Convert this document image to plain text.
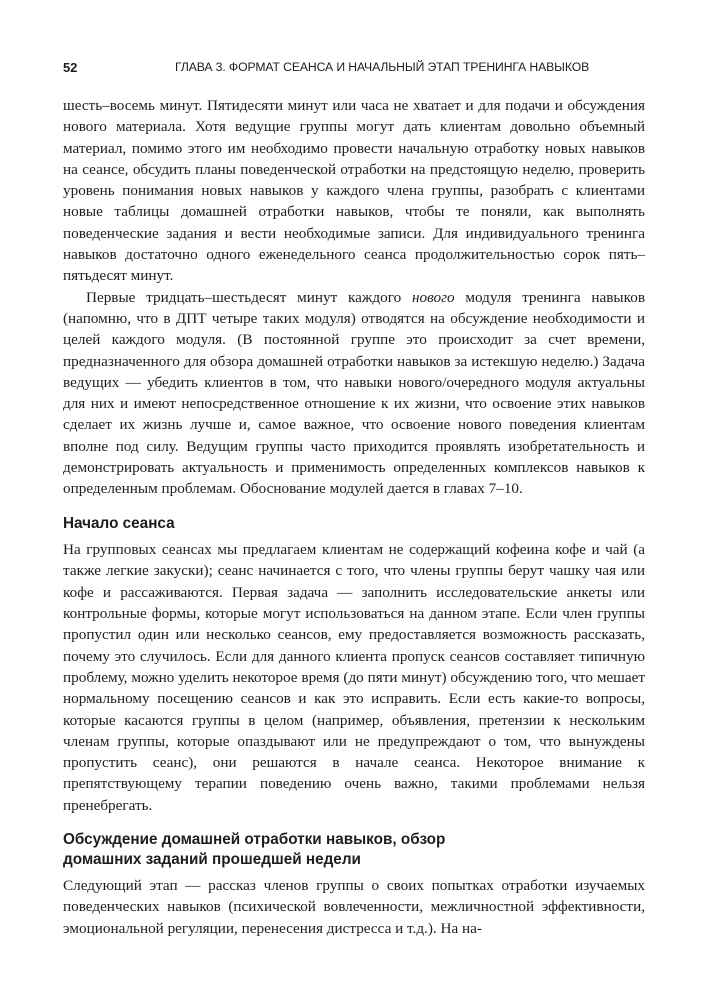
52	ГЛАВА 3. ФОРМАТ СЕАНСА И НАЧАЛЬНЫЙ ЭТАП ТРЕНИНГА НАВЫКОВ

шесть–восемь минут. Пятидесяти минут или часа не хватает и для подачи и обсуждения нового материала. Хотя ведущие группы могут дать клиентам довольно объемный материал, помимо этого им необходимо провести начальную отработку новых навыков на сеансе, обсудить планы поведенческой отработки на предстоящую неделю, проверить уровень понимания новых навыков у каждого члена группы, разобрать с клиентами новые таблицы домашней отработки навыков, чтобы те поняли, как выполнять поведенческие задания и вести необходимые записи. Для индивидуального тренинга навыков достаточно одного еженедельного сеанса продолжительностью сорок пять–пятьдесят минут.

Первые тридцать–шестьдесят минут каждого нового модуля тренинга навыков (напомню, что в ДПТ четыре таких модуля) отводятся на обсуждение необходимости и целей каждого модуля. (В постоянной группе это происходит за счет времени, предназначенного для обзора домашней отработки навыков за истекшую неделю.) Задача ведущих — убедить клиентов в том, что навыки нового/очередного модуля актуальны для них и имеют непосредственное отношение к их жизни, что освоение этих навыков сделает их жизнь лучше и, самое важное, что освоение нового поведения клиентам вполне под силу. Ведущим группы часто приходится проявлять изобретательность и демонстрировать актуальность и применимость определенных комплексов навыков к определенным проблемам. Обоснование модулей дается в главах 7–10.

Начало сеанса

На групповых сеансах мы предлагаем клиентам не содержащий кофеина кофе и чай (а также легкие закуски); сеанс начинается с того, что члены группы берут чашку чая или кофе и рассаживаются. Первая задача — заполнить исследовательские анкеты или контрольные формы, которые могут использоваться на данном этапе. Если член группы пропустил один или несколько сеансов, ему предоставляется возможность рассказать, почему это случилось. Если для данного клиента пропуск сеансов составляет типичную проблему, можно уделить некоторое время (до пяти минут) обсуждению того, что мешает нормальному посещению сеансов и как это исправить. Если есть какие-то вопросы, которые касаются группы в целом (например, объявления, претензии к нескольким членам группы, которые опаздывают или не предупреждают о том, что вынуждены пропустить сеанс), они решаются в начале сеанса. Некоторое внимание к препятствующему терапии поведению очень важно, такими проблемами нельзя пренебрегать.

Обсуждение домашней отработки навыков, обзор
домашних заданий прошедшей недели

Следующий этап — рассказ членов группы о своих попытках отработки изучаемых поведенческих навыков (психической вовлеченности, межличностной эффективности, эмоциональной регуляции, перенесения дистресса и т.д.). На на-
